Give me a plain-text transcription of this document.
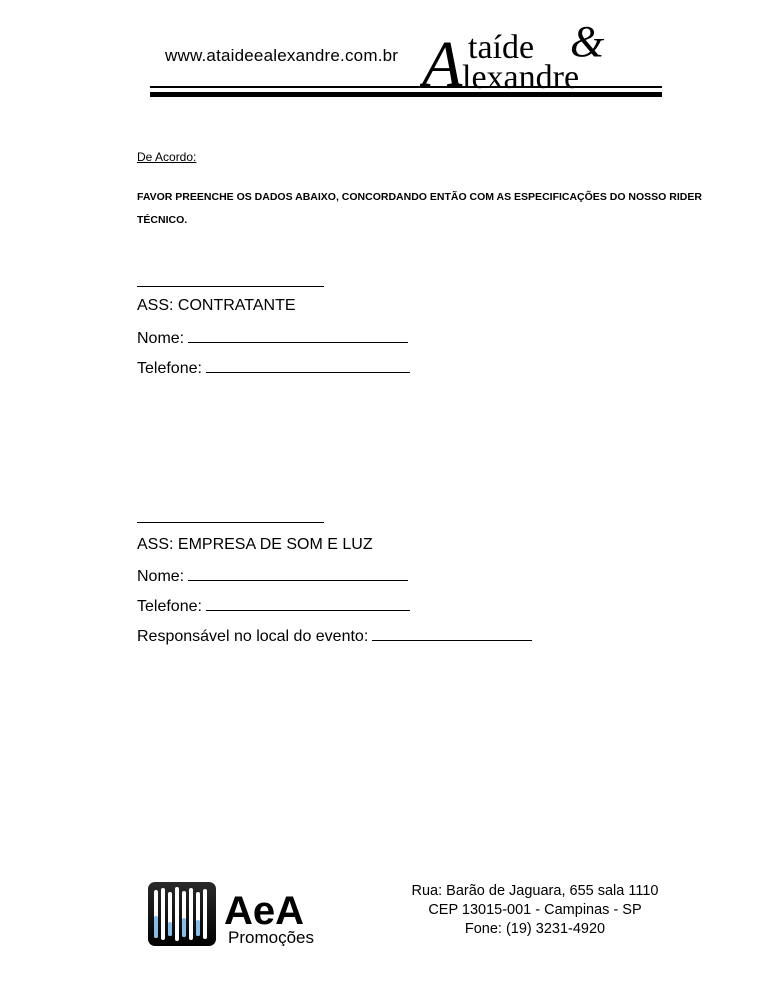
www.ataideealexandre.com.br A taíde &
lexandre
De Acordo:
FAVOR PREENCHE OS DADOS ABAIXO, CONCORDANDO ENTÃO COM AS ESPECIFICAÇÕES DO NOSSO RIDER TÉCNICO.
ASS: CONTRATANTE
Nome:
Telefone:
ASS: EMPRESA DE SOM E LUZ
Nome:
Telefone:
Responsável no local do evento:
AeA
Promoções
Rua: Barão de Jaguara, 655 sala 1110
CEP 13015-001 - Campinas - SP
Fone: (19) 3231-4920
